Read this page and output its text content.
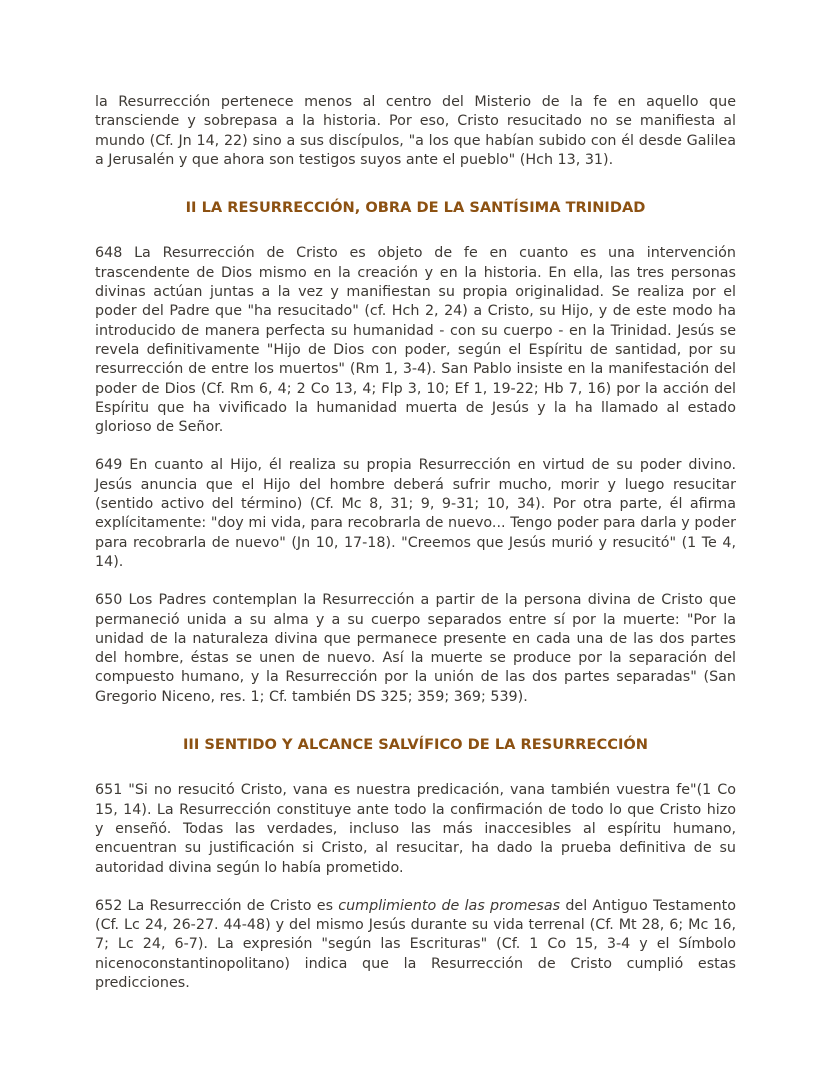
la Resurrección pertenece menos al centro del Misterio de la fe en aquello que transciende y sobrepasa a la historia. Por eso, Cristo resucitado no se manifiesta al mundo (Cf. Jn 14, 22) sino a sus discípulos, "a los que habían subido con él desde Galilea a Jerusalén y que ahora son testigos suyos ante el pueblo" (Hch 13, 31).

II LA RESURRECCIÓN, OBRA DE LA SANTÍSIMA TRINIDAD

648 La Resurrección de Cristo es objeto de fe en cuanto es una intervención trascendente de Dios mismo en la creación y en la historia. En ella, las tres personas divinas actúan juntas a la vez y manifiestan su propia originalidad. Se realiza por el poder del Padre que "ha resucitado" (cf. Hch 2, 24) a Cristo, su Hijo, y de este modo ha introducido de manera perfecta su humanidad - con su cuerpo - en la Trinidad. Jesús se revela definitivamente "Hijo de Dios con poder, según el Espíritu de santidad, por su resurrección de entre los muertos" (Rm 1, 3-4). San Pablo insiste en la manifestación del poder de Dios (Cf. Rm 6, 4; 2 Co 13, 4; Flp 3, 10; Ef 1, 19-22; Hb 7, 16) por la acción del Espíritu que ha vivificado la humanidad muerta de Jesús y la ha llamado al estado glorioso de Señor.

649 En cuanto al Hijo, él realiza su propia Resurrección en virtud de su poder divino. Jesús anuncia que el Hijo del hombre deberá sufrir mucho, morir y luego resucitar (sentido activo del término) (Cf. Mc 8, 31; 9, 9-31; 10, 34). Por otra parte, él afirma explícitamente: "doy mi vida, para recobrarla de nuevo... Tengo poder para darla y poder para recobrarla de nuevo" (Jn 10, 17-18). "Creemos que Jesús murió y resucitó" (1 Te 4, 14).

650 Los Padres contemplan la Resurrección a partir de la persona divina de Cristo que permaneció unida a su alma y a su cuerpo separados entre sí por la muerte: "Por la unidad de la naturaleza divina que permanece presente en cada una de las dos partes del hombre, éstas se unen de nuevo. Así la muerte se produce por la separación del compuesto humano, y la Resurrección por la unión de las dos partes separadas" (San Gregorio Niceno, res. 1; Cf. también DS 325; 359; 369; 539).

III SENTIDO Y ALCANCE SALVÍFICO DE LA RESURRECCIÓN

651 "Si no resucitó Cristo, vana es nuestra predicación, vana también vuestra fe"(1 Co 15, 14). La Resurrección constituye ante todo la confirmación de todo lo que Cristo hizo y enseñó. Todas las verdades, incluso las más inaccesibles al espíritu humano, encuentran su justificación si Cristo, al resucitar, ha dado la prueba definitiva de su autoridad divina según lo había prometido.

652 La Resurrección de Cristo es cumplimiento de las promesas del Antiguo Testamento (Cf. Lc 24, 26-27. 44-48) y del mismo Jesús durante su vida terrenal (Cf. Mt 28, 6; Mc 16, 7; Lc 24, 6-7). La expresión "según las Escrituras" (Cf. 1 Co 15, 3-4 y el Símbolo nicenoconstantinopolitano) indica que la Resurrección de Cristo cumplió estas predicciones.
